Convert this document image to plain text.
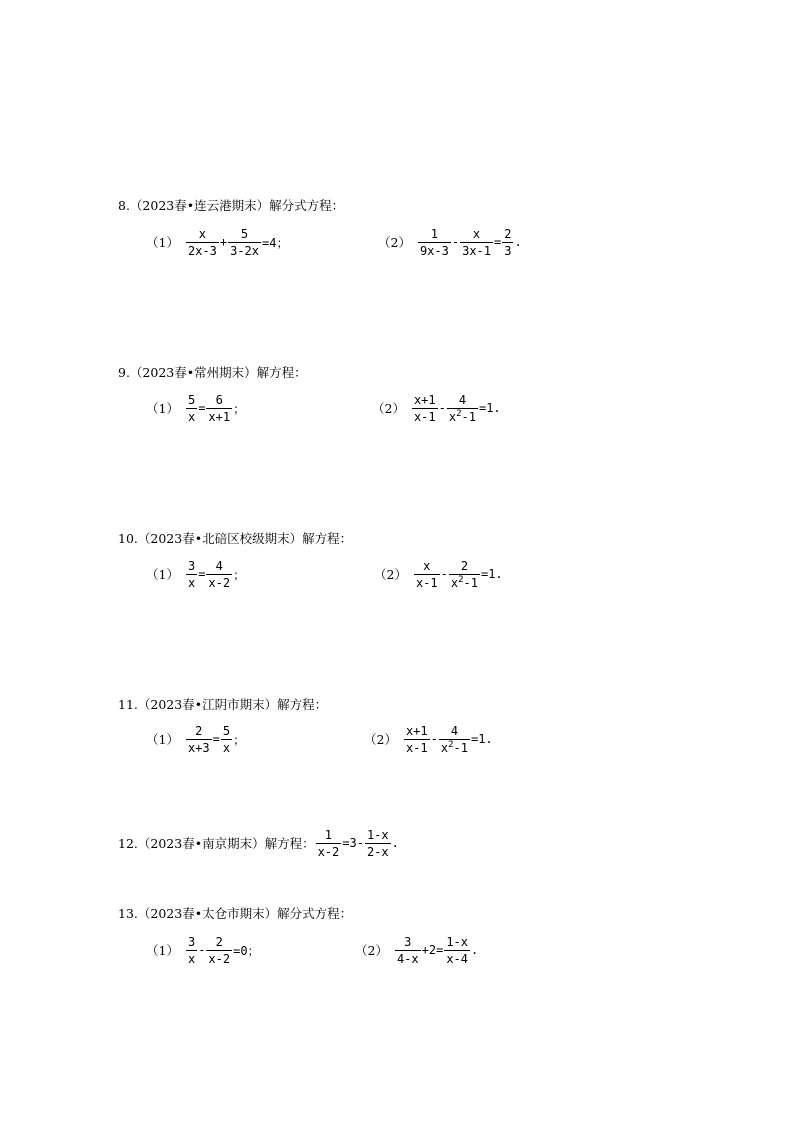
8.（2023春•连云港期末）解分式方程：
$(1) \frac{x}{2x-3} + \frac{5}{3-2x} =4$；	$(2) \frac{1}{9x-3} - \frac{x}{3x-1} = \frac{2}{3}$ .
9.（2023春•常州期末）解方程：
$(1) \frac{5}{x} = \frac{6}{x+1}$ ；	$(2) \frac{x+1}{x-1} - \frac{4}{x^2-1} =1$.
10.（2023春•北碚区校级期末）解方程：
$(1) \frac{3}{x} = \frac{4}{x-2}$ ；	$(2) \frac{x}{x-1} - \frac{2}{x^2-1} =1$.
11.（2023春•江阴市期末）解方程：
$(1) \frac{2}{x+3} = \frac{5}{x}$ ；	$(2) \frac{x+1}{x-1} - \frac{4}{x^2-1} =1$.
12.（2023春•南京期末）解方程： $\frac{1}{x-2} =3- \frac{1-x}{2-x}$ .
13.（2023春•太仓市期末）解分式方程：
$(1) \frac{3}{x} - \frac{2}{x-2} =0$；	$(2) \frac{3}{4-x} +2= \frac{1-x}{x-4}$ .
